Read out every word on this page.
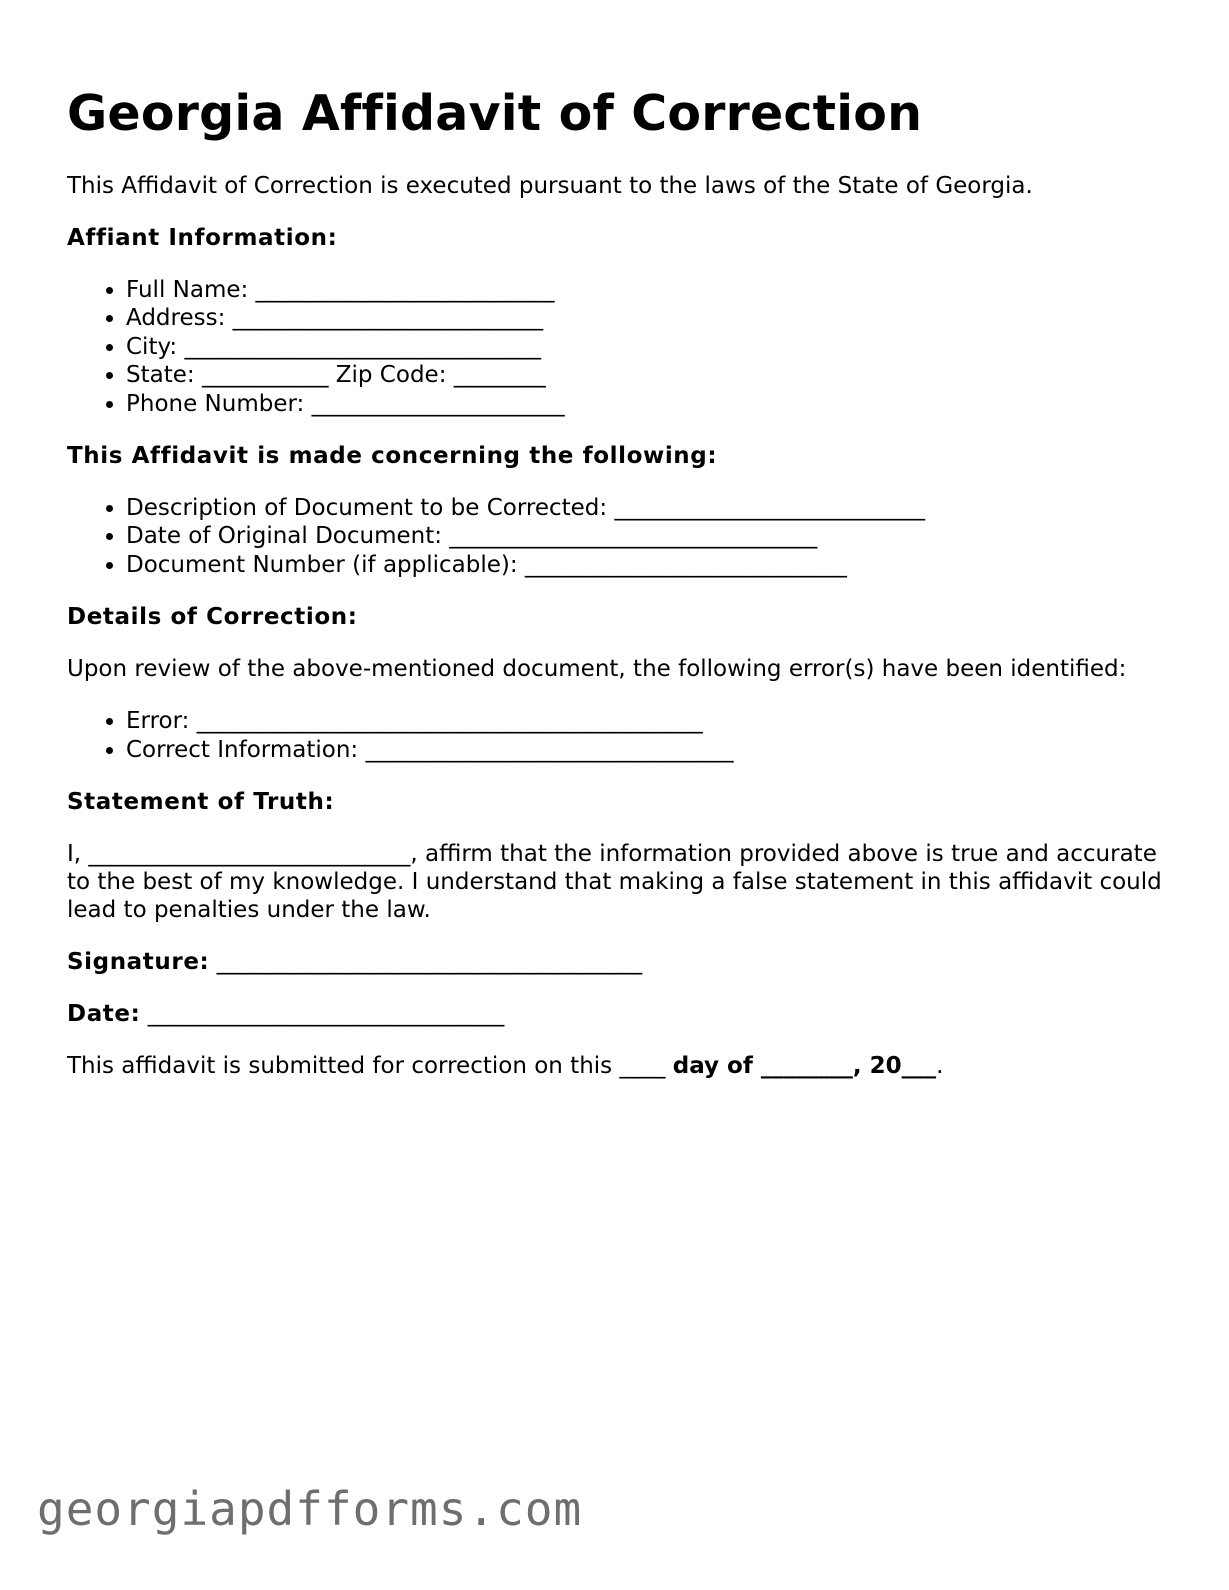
Georgia Affidavit of Correction

This Affidavit of Correction is executed pursuant to the laws of the State of Georgia.

Affiant Information:
• Full Name: __________________________
• Address: ___________________________
• City: _______________________________
• State: ___________ Zip Code: ________
• Phone Number: ______________________
This Affidavit is made concerning the following:
• Description of Document to be Corrected: ___________________________
• Date of Original Document: ________________________________
• Document Number (if applicable): ____________________________
Details of Correction:

Upon review of the above-mentioned document, the following error(s) have been identified:

• Error: ____________________________________________
• Correct Information: ________________________________
Statement of Truth:

I, ____________________________, affirm that the information provided above is true and accurate to the best of my knowledge. I understand that making a false statement in this affidavit could lead to penalties under the law.

Signature: _____________________________________
Date: _______________________________

This affidavit is submitted for correction on this ____ day of ________, 20___.

georgiapdfforms.com
